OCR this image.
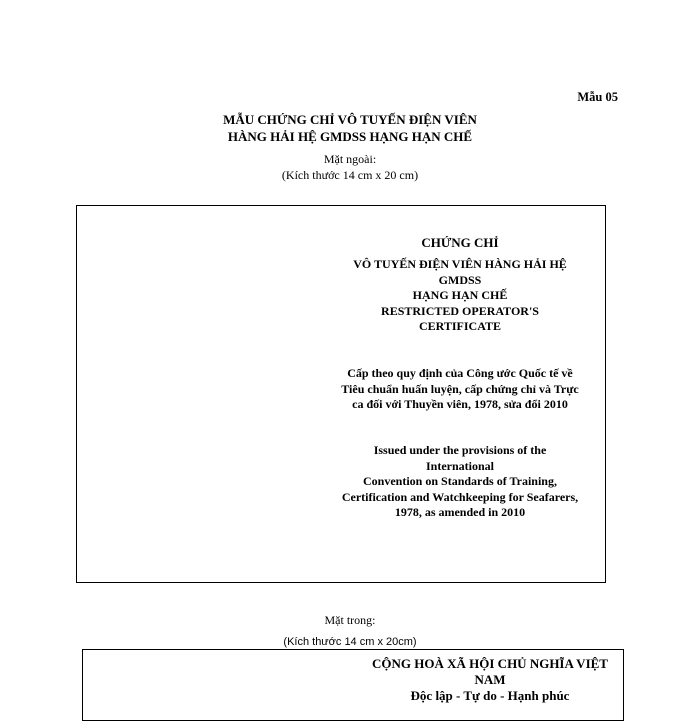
Mẫu 05
MẪU CHỨNG CHỈ VÔ TUYẾN ĐIỆN VIÊN
HÀNG HẢI HỆ GMDSS HẠNG HẠN CHẾ
Mặt ngoài:
(Kích thước 14 cm x 20 cm)
CHỨNG CHỈ
VÔ TUYẾN ĐIỆN VIÊN HÀNG HẢI HỆ
GMDSS
HẠNG HẠN CHẾ
RESTRICTED OPERATOR'S
CERTIFICATE
Cấp theo quy định của Công ước Quốc tế về
Tiêu chuẩn huấn luyện, cấp chứng chỉ và Trực
ca đối với Thuyền viên, 1978, sửa đổi 2010
Issued under the provisions of the
International
Convention on Standards of Training,
Certification and Watchkeeping for Seafarers,
1978, as amended in 2010
Mặt trong:
(Kích thước 14 cm x 20cm)
CỘNG HOÀ XÃ HỘI CHỦ NGHĨA VIỆT
NAM
Độc lập - Tự do - Hạnh phúc
